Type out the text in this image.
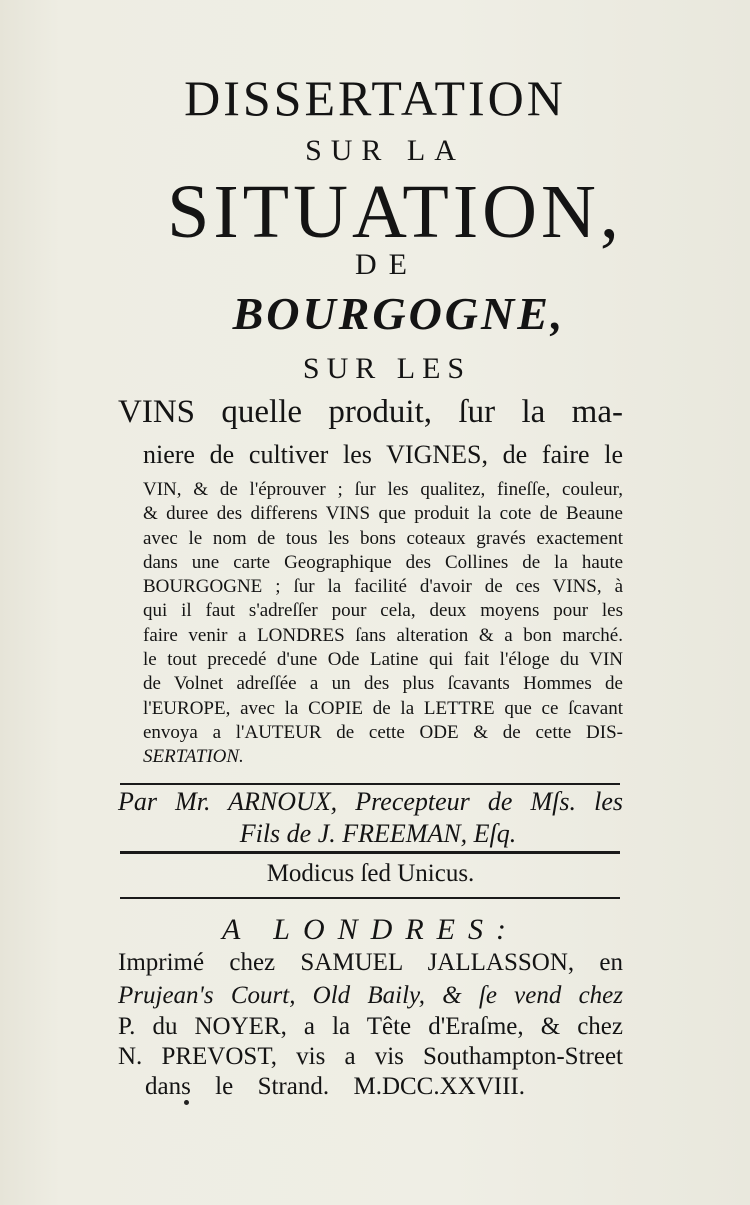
DISSERTATION
SUR LA
SITUATION,
DE
BOURGOGNE,
SUR LES
VINS quelle produit, ſur la ma-
niere de cultiver les VIGNES, de faire le
VIN, & de l'éprouver ; ſur les qualitez, fineſſe, couleur,
& duree des differens VINS que produit la cote de Beaune
avec le nom de tous les bons coteaux gravés exactement
dans une carte Geographique des Collines de la haute
BOURGOGNE ; ſur la facilité d'avoir de ces VINS, à
qui il faut s'adreſſer pour cela, deux moyens pour les
faire venir a LONDRES ſans alteration & a bon marché.
le tout precedé d'une Ode Latine qui fait l'éloge du VIN
de Volnet adreſſée a un des plus ſcavants Hommes de
l'EUROPE, avec la COPIE de la LETTRE que ce ſcavant
envoya a l'AUTEUR de cette ODE & de cette DIS-
SERTATION.
Par Mr. ARNOUX, Precepteur de Mſs. les
Fils de J. FREEMAN, Eſq.
Modicus ſed Unicus.
A LONDRES:
Imprimé chez SAMUEL JALLASSON, en
Prujean's Court, Old Baily, & ſe vend chez
P. du NOYER, a la Tête d'Eraſme, & chez
N. PREVOST, vis a vis Southampton-Street
dans le Strand. M.DCC.XXVIII.
